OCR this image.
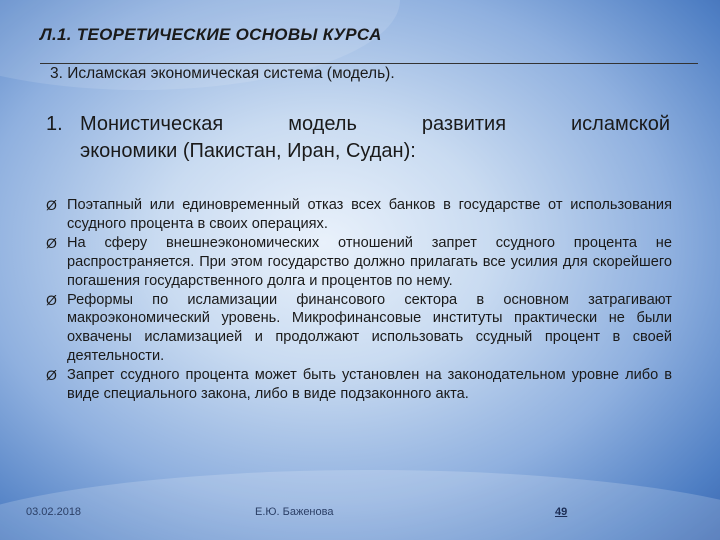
Л.1. ТЕОРЕТИЧЕСКИЕ ОСНОВЫ КУРСА
3. Исламская экономическая система (модель).
1. Монистическая модель развития исламской
экономики (Пакистан, Иран, Судан):
Ø Поэтапный или единовременный отказ всех банков в государстве от использования ссудного процента в своих операциях.
Ø На сферу внешнеэкономических отношений запрет ссудного процента не распространяется. При этом государство должно прилагать все усилия для скорейшего погашения государственного долга и процентов по нему.
Ø Реформы по исламизации финансового сектора в основном затрагивают макроэкономический уровень. Микрофинансовые институты практически не были охвачены исламизацией и продолжают использовать ссудный процент в своей деятельности.
Ø Запрет ссудного процента может быть установлен на законодательном уровне либо в виде специального закона, либо в виде подзаконного акта.
03.02.2018	Е.Ю. Баженова	49
